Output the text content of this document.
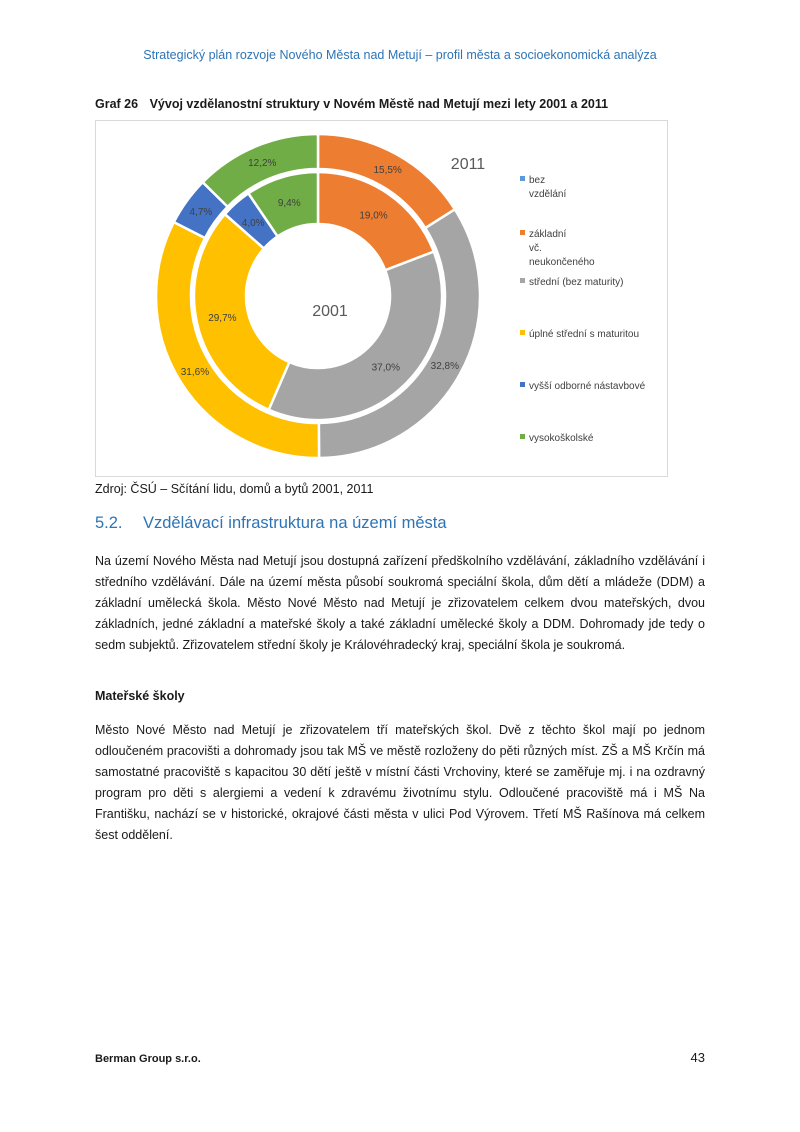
Strategický plán rozvoje Nového Města nad Metují – profil města a socioekonomická analýza
Graf 26 Vývoj vzdělanostní struktury v Novém Městě nad Metují mezi lety 2001 a 2011
19,0%
37,0%
29,7%
4,0%
9,4%
2001
15,5%
32,8%
31,6%
4,7%
12,2%	2011
bez
vzdělání
základní
vč.
neukončeného
střední (bez maturity)
úplné střední s maturitou
vyšší odborné nástavbové
vysokoškolské
Zdroj: ČSÚ – Sčítání lidu, domů a bytů 2001, 2011
5.2. Vzdělávací infrastruktura na území města
Na území Nového Města nad Metují jsou dostupná zařízení předškolního vzdělávání, základního vzdělávání i středního vzdělávání. Dále na území města působí soukromá speciální škola, dům dětí a mládeže (DDM) a základní umělecká škola. Město Nové Město nad Metují je zřizovatelem celkem dvou mateřských, dvou základních, jedné základní a mateřské školy a také základní umělecké školy a DDM. Dohromady jde tedy o sedm subjektů. Zřizovatelem střední školy je Královéhradecký kraj, speciální škola je soukromá.
Mateřské školy
Město Nové Město nad Metují je zřizovatelem tří mateřských škol. Dvě z těchto škol mají po jednom odloučeném pracovišti a dohromady jsou tak MŠ ve městě rozloženy do pěti různých míst. ZŠ a MŠ Krčín má samostatné pracoviště s kapacitou 30 dětí ještě v místní části Vrchoviny, které se zaměřuje mj. i na ozdravný program pro děti s alergiemi a vedení k zdravému životnímu stylu. Odloučené pracoviště má i MŠ Na Františku, nachází se v historické, okrajové části města v ulici Pod Výrovem. Třetí MŠ Rašínova má celkem šest oddělení.
Berman Group s.r.o.	43
